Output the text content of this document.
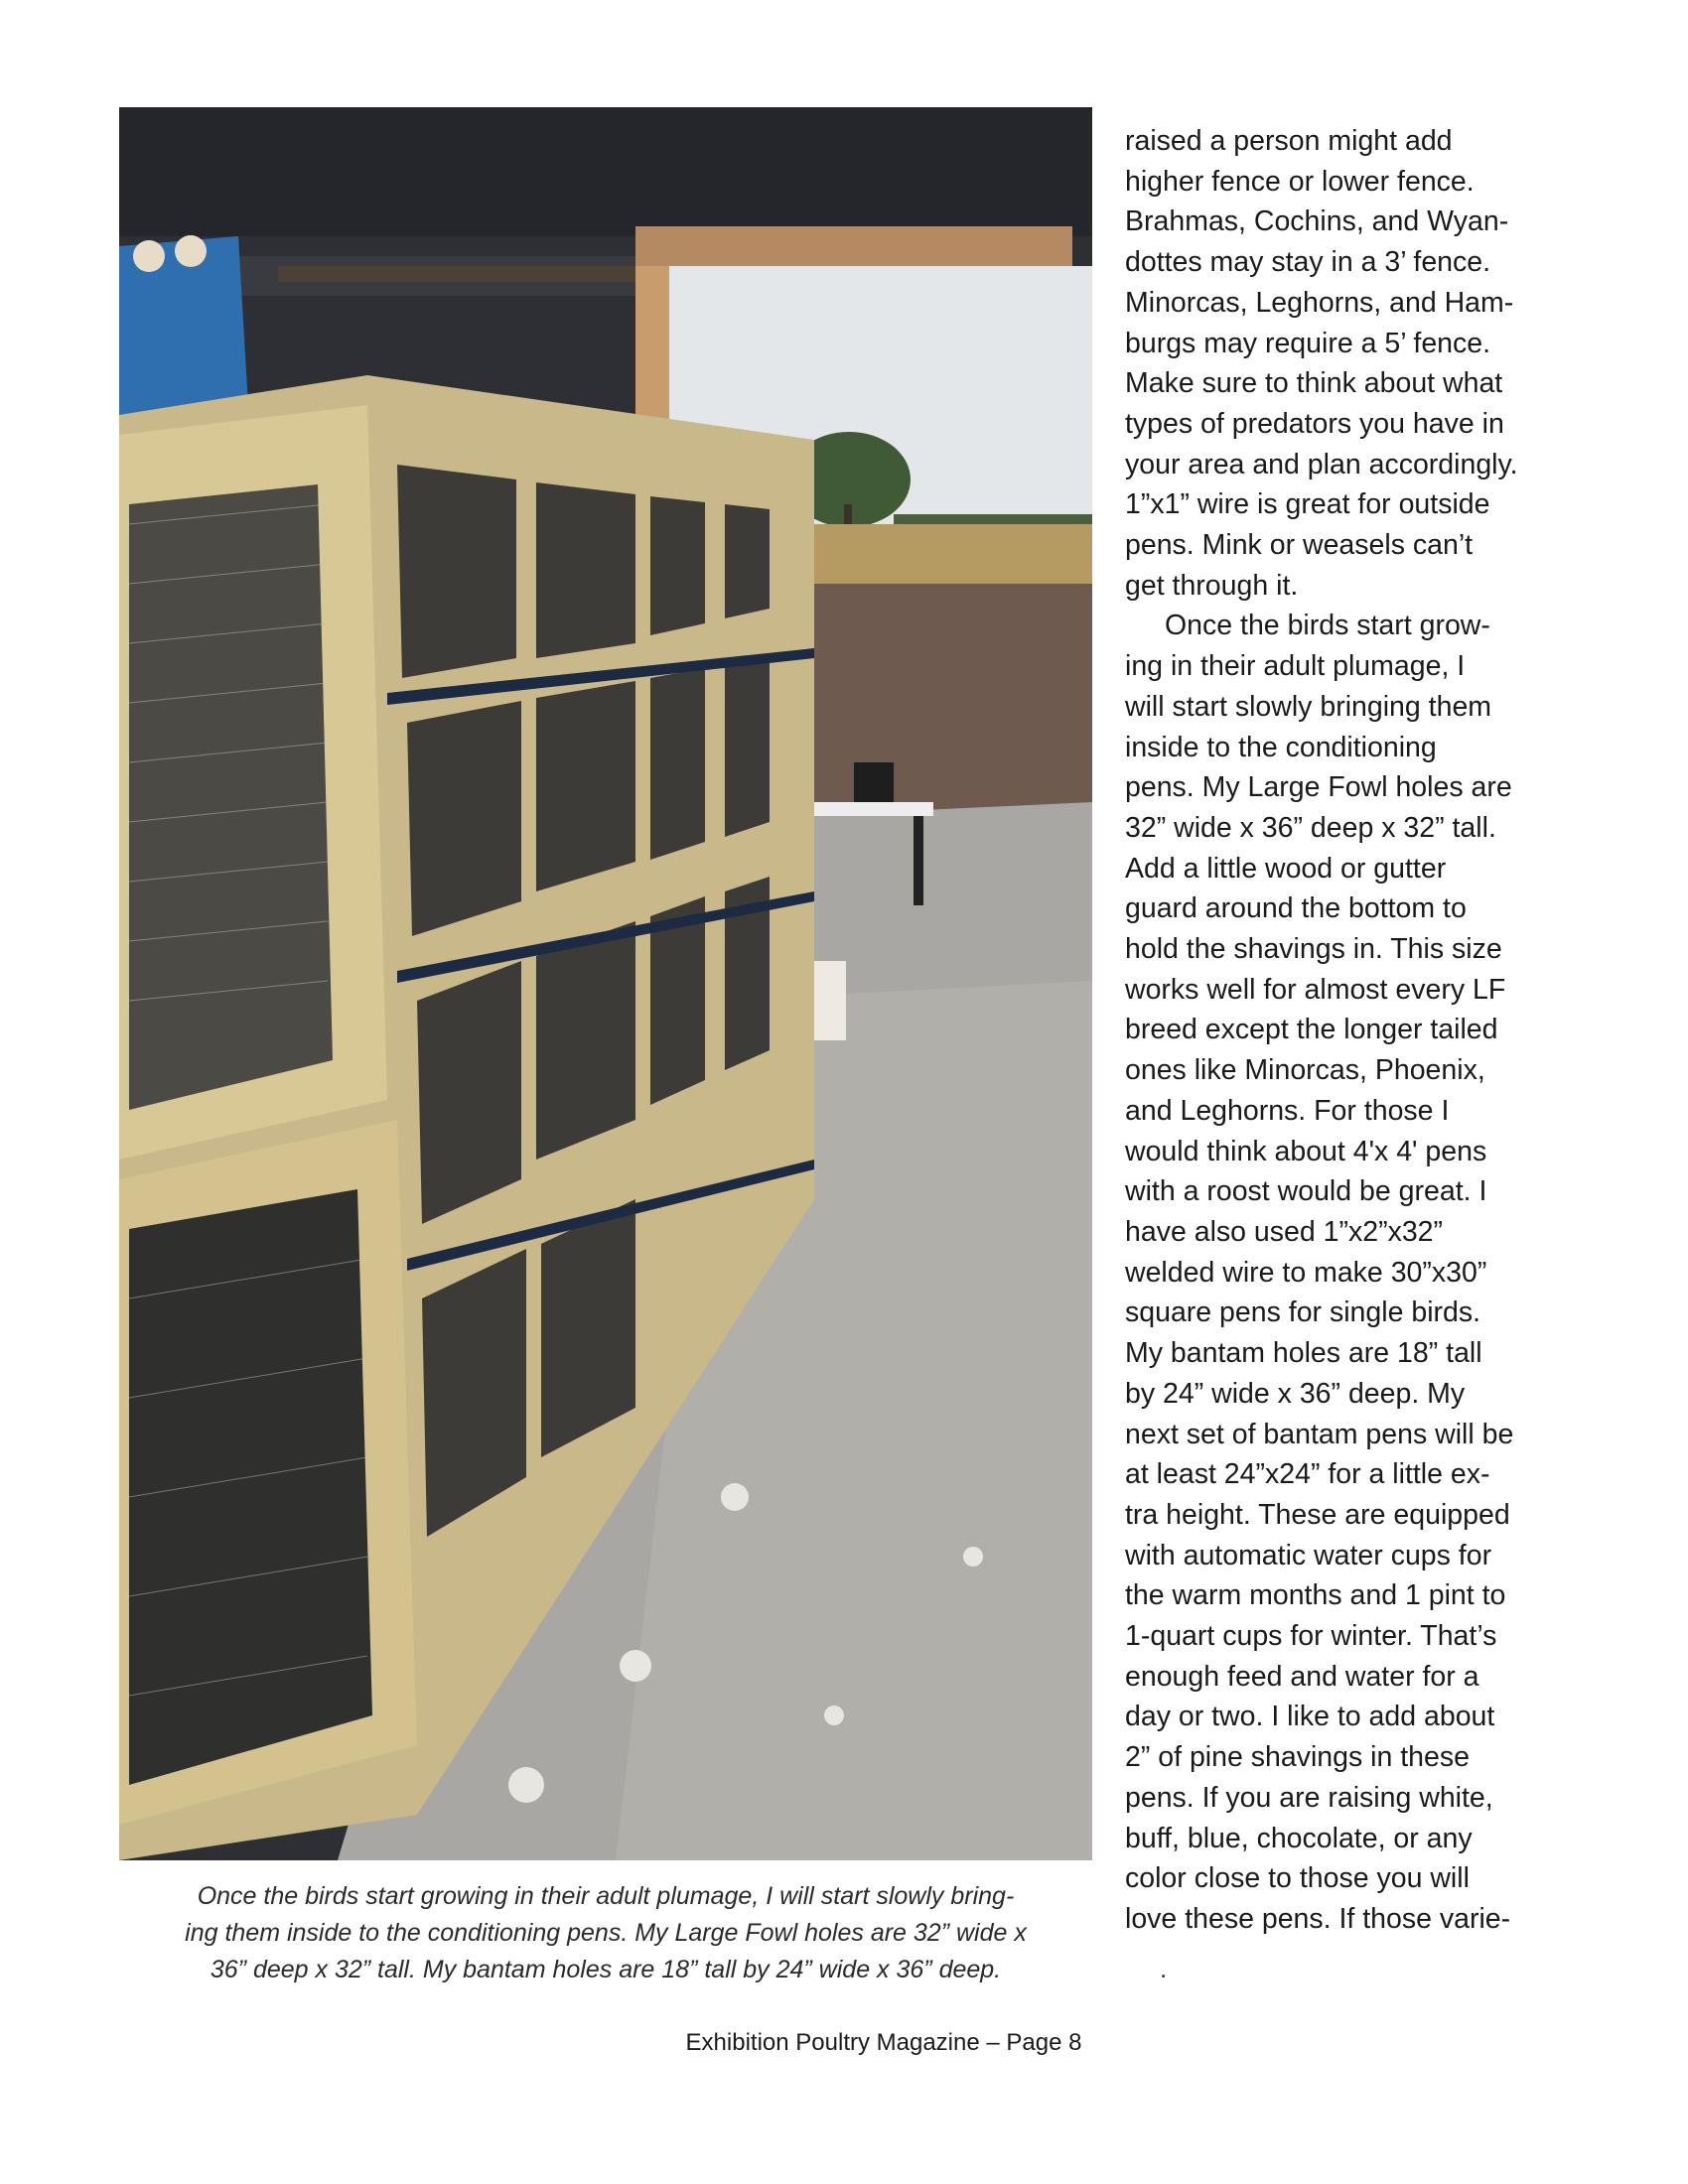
Once the birds start growing in their adult plumage, I will start slowly bring-
ing them inside to the conditioning pens. My Large Fowl holes are 32” wide x
36” deep x 32” tall. My bantam holes are 18” tall by 24” wide x 36” deep.

raised a person might add
higher fence or lower fence.
Brahmas, Cochins, and Wyan-
dottes may stay in a 3’ fence.
Minorcas, Leghorns, and Ham-
burgs may require a 5’ fence.
Make sure to think about what
types of predators you have in
your area and plan accordingly.
1”x1” wire is great for outside
pens. Mink or weasels can’t
get through it.
Once the birds start grow-
ing in their adult plumage, I
will start slowly bringing them
inside to the conditioning
pens. My Large Fowl holes are
32” wide x 36” deep x 32” tall.
Add a little wood or gutter
guard around the bottom to
hold the shavings in. This size
works well for almost every LF
breed except the longer tailed
ones like Minorcas, Phoenix,
and Leghorns. For those I
would think about 4'x 4' pens
with a roost would be great. I
have also used 1”x2”x32”
welded wire to make 30”x30”
square pens for single birds.
My bantam holes are 18” tall
by 24” wide x 36” deep. My
next set of bantam pens will be
at least 24”x24” for a little ex-
tra height. These are equipped
with automatic water cups for
the warm months and 1 pint to
1-quart cups for winter. That’s
enough feed and water for a
day or two. I like to add about
2” of pine shavings in these
pens. If you are raising white,
buff, blue, chocolate, or any
color close to those you will
love these pens. If those varie-
.
Exhibition Poultry Magazine – Page 8
